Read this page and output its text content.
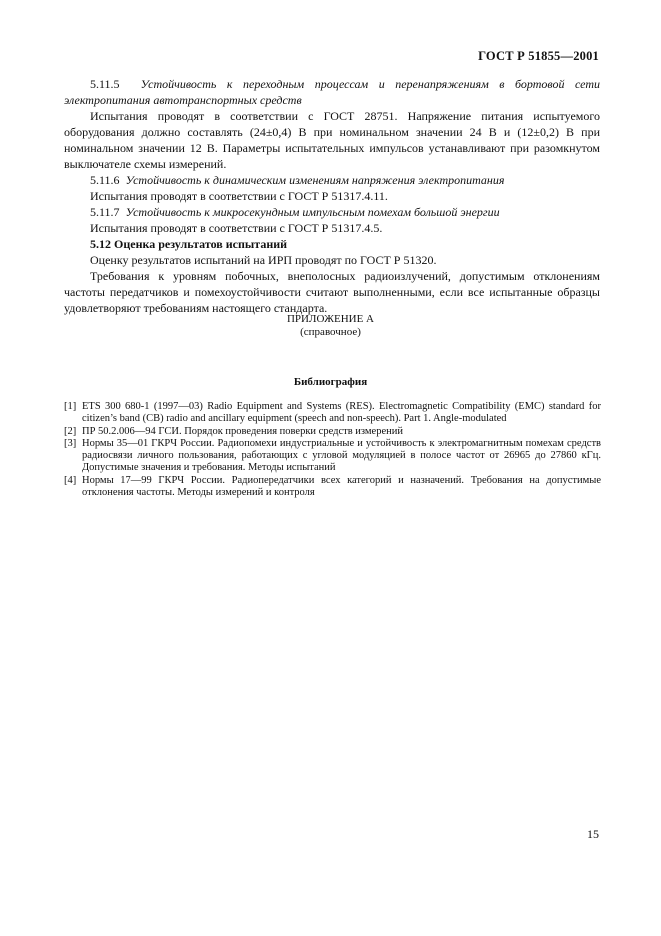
ГОСТ Р 51855—2001

5.11.5 Устойчивость к переходным процессам и перенапряжениям в бортовой сети электропитания автотранспортных средств

Испытания проводят в соответствии с ГОСТ 28751. Напряжение питания испытуемого оборудования должно составлять (24±0,4) В при номинальном значении 24 В и (12±0,2) В при номинальном значении 12 В. Параметры испытательных импульсов устанавливают при разомкнутом выключателе схемы измерений.

5.11.6 Устойчивость к динамическим изменениям напряжения электропитания

Испытания проводят в соответствии с ГОСТ Р 51317.4.11.

5.11.7 Устойчивость к микросекундным импульсным помехам большой энергии

Испытания проводят в соответствии с ГОСТ Р 51317.4.5.

5.12 Оценка результатов испытаний

Оценку результатов испытаний на ИРП проводят по ГОСТ Р 51320.

Требования к уровням побочных, внеполосных радиоизлучений, допустимым отклонениям частоты передатчиков и помехоустойчивости считают выполненными, если все испытанные образцы удовлетворяют требованиям настоящего стандарта.

ПРИЛОЖЕНИЕ А
(справочное)
Библиография
[1] ETS 300 680-1 (1997—03) Radio Equipment and Systems (RES). Electromagnetic Compatibility (EMC) standard for citizen’s band (CB) radio and ancillary equipment (speech and non-speech). Part 1. Angle-modulated
[2] ПР 50.2.006—94 ГСИ. Порядок проведения поверки средств измерений
[3] Нормы 35—01 ГКРЧ России. Радиопомехи индустриальные и устойчивость к электромагнитным помехам средств радиосвязи личного пользования, работающих с угловой модуляцией в полосе частот от 26965 до 27860 кГц. Допустимые значения и требования. Методы испытаний
[4] Нормы 17—99 ГКРЧ России. Радиопередатчики всех категорий и назначений. Требования на допустимые отклонения частоты. Методы измерений и контроля
15
